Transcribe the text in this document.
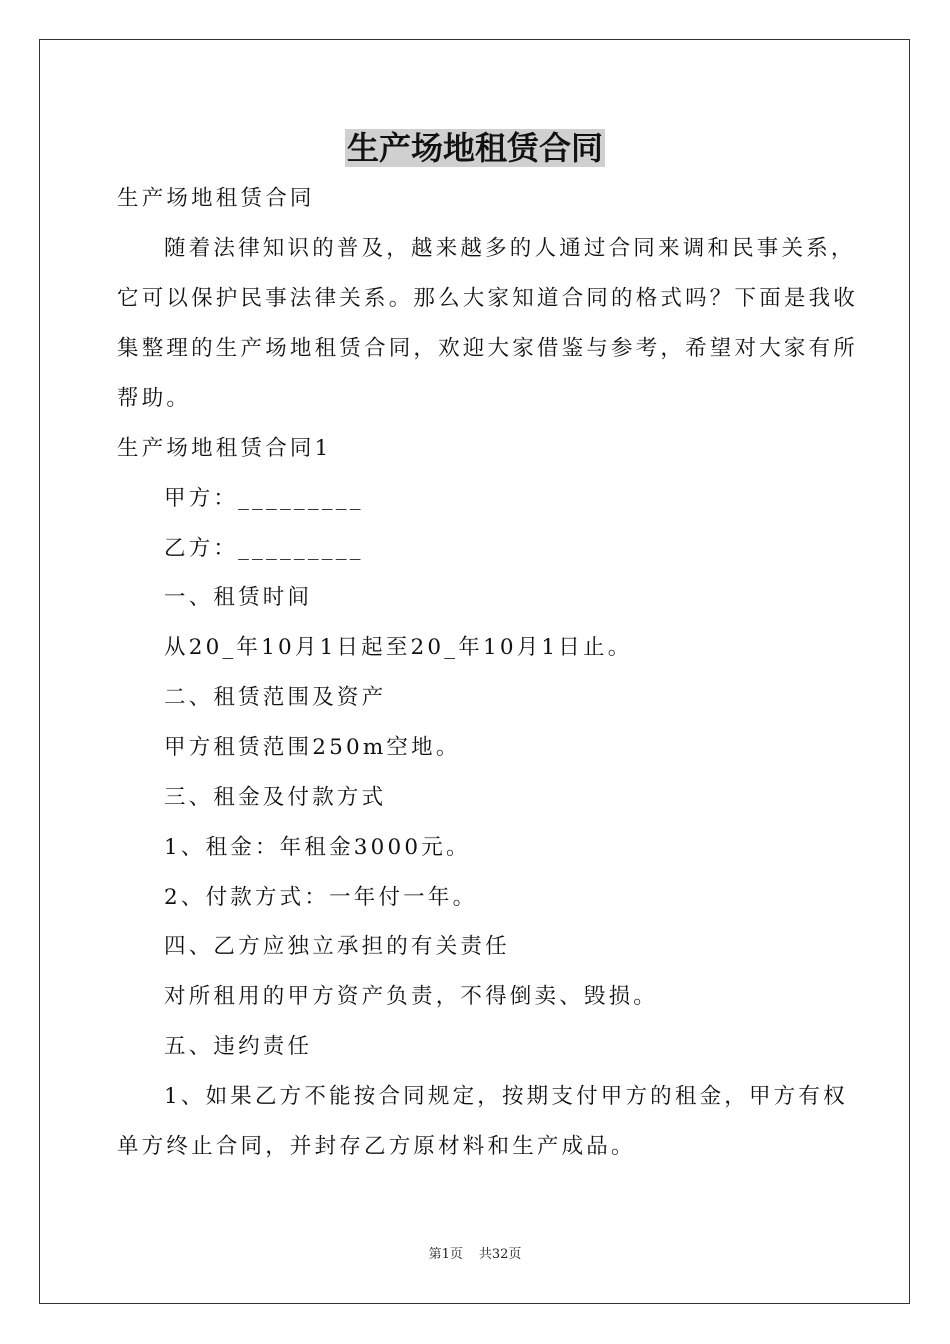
生产场地租赁合同
生产场地租赁合同
随着法律知识的普及，越来越多的人通过合同来调和民事关系，
它可以保护民事法律关系。那么大家知道合同的格式吗？下面是我收
集整理的生产场地租赁合同，欢迎大家借鉴与参考，希望对大家有所
帮助。
生产场地租赁合同1
甲方：_________
乙方：_________
一、租赁时间
从20_年10月1日起至20_年10月1日止。
二、租赁范围及资产
甲方租赁范围250m空地。
三、租金及付款方式
1、租金：年租金3000元。
2、付款方式：一年付一年。
四、乙方应独立承担的有关责任
对所租用的甲方资产负责，不得倒卖、毁损。
五、违约责任
1、如果乙方不能按合同规定，按期支付甲方的租金，甲方有权
单方终止合同，并封存乙方原材料和生产成品。
第1页 共32页
